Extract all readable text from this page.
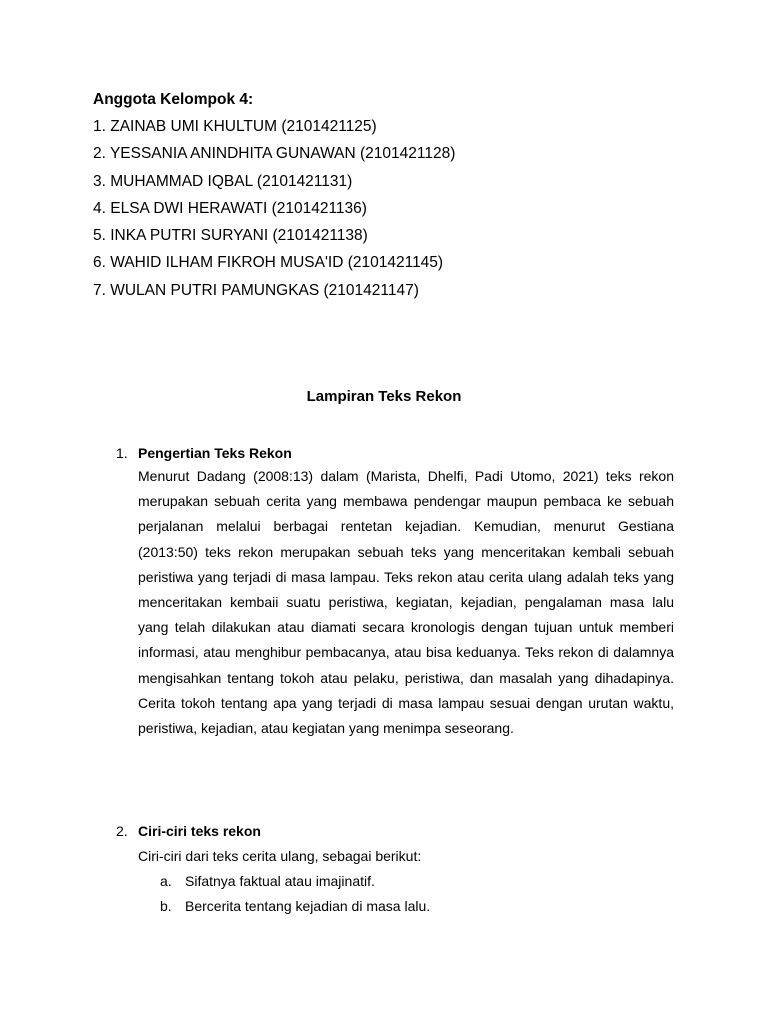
Anggota Kelompok 4:
1. ZAINAB UMI KHULTUM (2101421125)
2. YESSANIA ANINDHITA GUNAWAN (2101421128)
3. MUHAMMAD IQBAL (2101421131)
4. ELSA DWI HERAWATI (2101421136)
5. INKA PUTRI SURYANI (2101421138)
6. WAHID ILHAM FIKROH MUSA'ID (2101421145)
7. WULAN PUTRI PAMUNGKAS (2101421147)
Lampiran Teks Rekon
1. Pengertian Teks Rekon
Menurut Dadang (2008:13) dalam (Marista, Dhelfi, Padi Utomo, 2021) teks rekon merupakan sebuah cerita yang membawa pendengar maupun pembaca ke sebuah perjalanan melalui berbagai rentetan kejadian. Kemudian, menurut Gestiana (2013:50) teks rekon merupakan sebuah teks yang menceritakan kembali sebuah peristiwa yang terjadi di masa lampau. Teks rekon atau cerita ulang adalah teks yang menceritakan kembaii suatu peristiwa, kegiatan, kejadian, pengalaman masa lalu yang telah dilakukan atau diamati secara kronologis dengan tujuan untuk memberi informasi, atau menghibur pembacanya, atau bisa keduanya. Teks rekon di dalamnya mengisahkan tentang tokoh atau pelaku, peristiwa, dan masalah yang dihadapinya. Cerita tokoh tentang apa yang terjadi di masa lampau sesuai dengan urutan waktu, peristiwa, kejadian, atau kegiatan yang menimpa seseorang.
2. Ciri-ciri teks rekon
Ciri-ciri dari teks cerita ulang, sebagai berikut:
a. Sifatnya faktual atau imajinatif.
b. Bercerita tentang kejadian di masa lalu.
